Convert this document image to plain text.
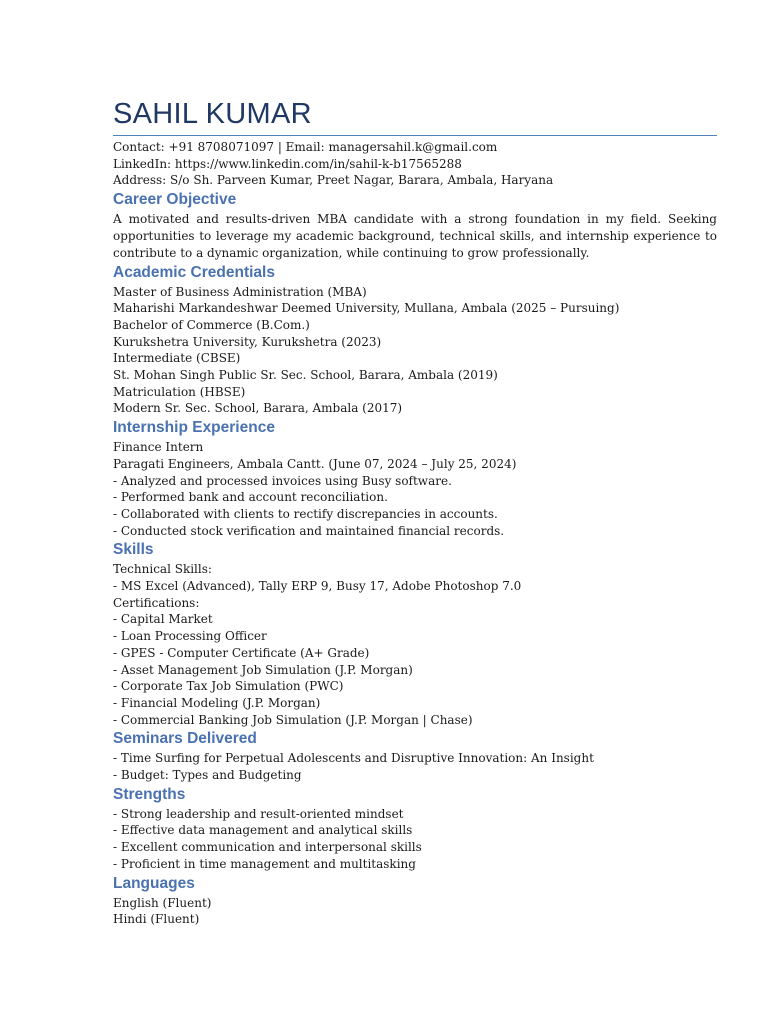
SAHIL KUMAR
Contact: +91 8708071097 | Email: managersahil.k@gmail.com
LinkedIn: https://www.linkedin.com/in/sahil-k-b17565288
Address: S/o Sh. Parveen Kumar, Preet Nagar, Barara, Ambala, Haryana
Career Objective

A motivated and results-driven MBA candidate with a strong foundation in my field. Seeking opportunities to leverage my academic background, technical skills, and internship experience to contribute to a dynamic organization, while continuing to grow professionally.

Academic Credentials
Master of Business Administration (MBA)
Maharishi Markandeshwar Deemed University, Mullana, Ambala (2025 – Pursuing)
Bachelor of Commerce (B.Com.)
Kurukshetra University, Kurukshetra (2023)
Intermediate (CBSE)
St. Mohan Singh Public Sr. Sec. School, Barara, Ambala (2019)
Matriculation (HBSE)
Modern Sr. Sec. School, Barara, Ambala (2017)
Internship Experience
Finance Intern
Paragati Engineers, Ambala Cantt. (June 07, 2024 – July 25, 2024)
- Analyzed and processed invoices using Busy software.
- Performed bank and account reconciliation.
- Collaborated with clients to rectify discrepancies in accounts.
- Conducted stock verification and maintained financial records.
Skills
Technical Skills:
- MS Excel (Advanced), Tally ERP 9, Busy 17, Adobe Photoshop 7.0
Certifications:
- Capital Market
- Loan Processing Officer
- GPES - Computer Certificate (A+ Grade)
- Asset Management Job Simulation (J.P. Morgan)
- Corporate Tax Job Simulation (PWC)
- Financial Modeling (J.P. Morgan)
- Commercial Banking Job Simulation (J.P. Morgan | Chase)
Seminars Delivered
- Time Surfing for Perpetual Adolescents and Disruptive Innovation: An Insight
- Budget: Types and Budgeting
Strengths
- Strong leadership and result-oriented mindset
- Effective data management and analytical skills
- Excellent communication and interpersonal skills
- Proficient in time management and multitasking
Languages
English (Fluent)
Hindi (Fluent)
